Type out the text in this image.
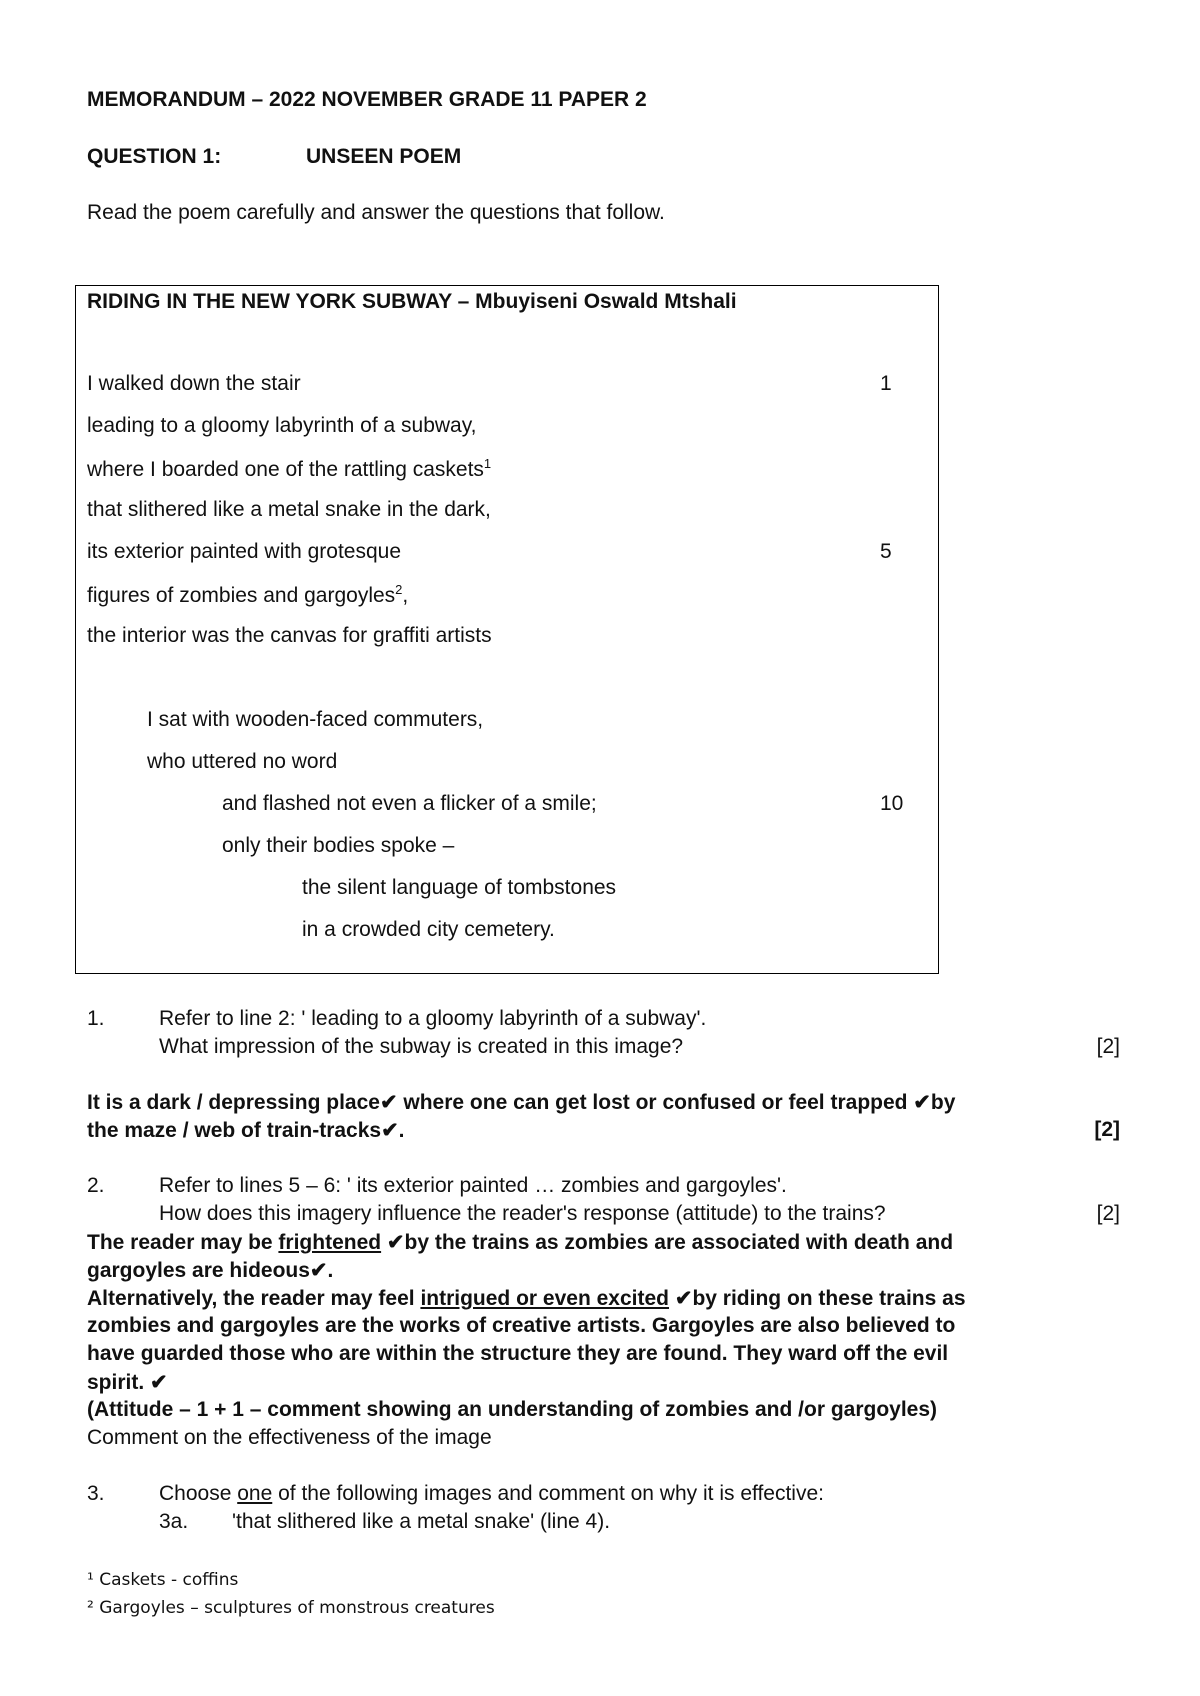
MEMORANDUM – 2022 NOVEMBER GRADE 11 PAPER 2
QUESTION 1:	UNSEEN POEM
Read the poem carefully and answer the questions that follow.
RIDING IN THE NEW YORK SUBWAY – Mbuyiseni Oswald Mtshali
I walked down the stair
leading to a gloomy labyrinth of a subway,
where I boarded one of the rattling caskets$^1$
that slithered like a metal snake in the dark,
its exterior painted with grotesque
figures of zombies and gargoyles$^2$,
the interior was the canvas for graffiti artists
I sat with wooden-faced commuters,
who uttered no word
and flashed not even a flicker of a smile;
only their bodies spoke –
the silent language of tombstones
in a crowded city cemetery.
1
5
10
1.	Refer to line 2: ' leading to a gloomy labyrinth of a subway'.
What impression of the subway is created in this image?	[2]
It is a dark / depressing place✔ where one can get lost or confused or feel trapped ✔by
the maze / web of train-tracks✔.	[2]
2.	Refer to lines 5 – 6: ' its exterior painted … zombies and gargoyles'.
How does this imagery influence the reader's response (attitude) to the trains?	[2]
The reader may be frightened ✔by the trains as zombies are associated with death and
gargoyles are hideous✔.
Alternatively, the reader may feel intrigued or even excited ✔by riding on these trains as
zombies and gargoyles are the works of creative artists. Gargoyles are also believed to
have guarded those who are within the structure they are found. They ward off the evil
spirit. ✔
(Attitude – 1 + 1 – comment showing an understanding of zombies and /or gargoyles)
Comment on the effectiveness of the image
3.	Choose one of the following images and comment on why it is effective:
3a. 'that slithered like a metal snake' (line 4).
¹ Caskets - coffins
² Gargoyles – sculptures of monstrous creatures
